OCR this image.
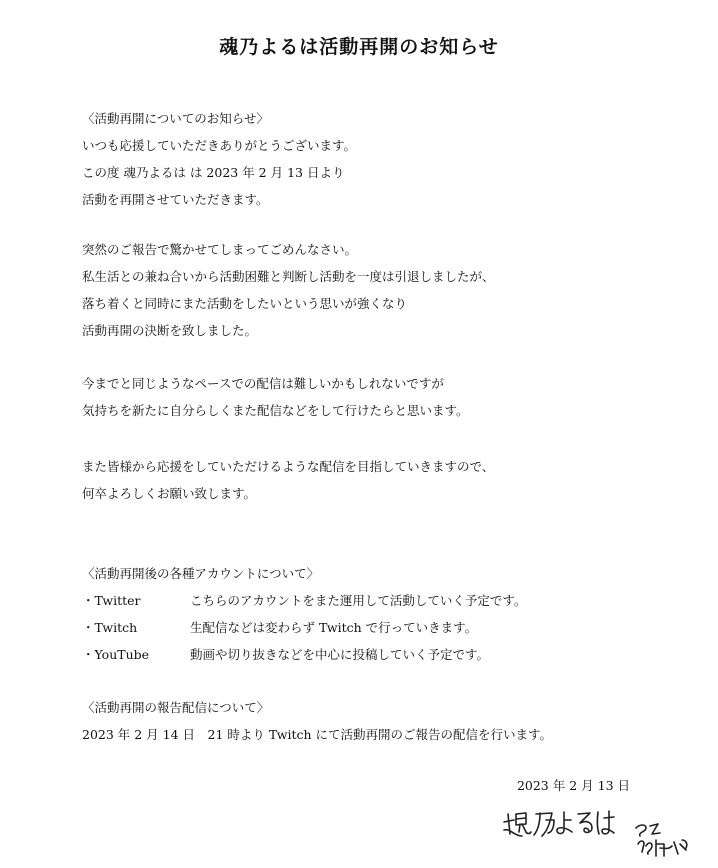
魂乃よるは活動再開のお知らせ
〈活動再開についてのお知らせ〉
いつも応援していただきありがとうございます。
この度 魂乃よるは は 2023 年 2 月 13 日より
活動を再開させていただきます。
突然のご報告で驚かせてしまってごめんなさい。
私生活との兼ね合いから活動困難と判断し活動を一度は引退しましたが、
落ち着くと同時にまた活動をしたいという思いが強くなり
活動再開の決断を致しました。
今までと同じようなペースでの配信は難しいかもしれないですが
気持ちを新たに自分らしくまた配信などをして行けたらと思います。
また皆様から応援をしていただけるような配信を目指していきますので、
何卒よろしくお願い致します。
〈活動再開後の各種アカウントについて〉
・Twitter	こちらのアカウントをまた運用して活動していく予定です。
・Twitch	生配信などは変わらず Twitch で行っていきます。
・YouTube	動画や切り抜きなどを中心に投稿していく予定です。
〈活動再開の報告配信について〉
2023 年 2 月 14 日　21 時より Twitch にて活動再開のご報告の配信を行います。
2023 年 2 月 13 日
